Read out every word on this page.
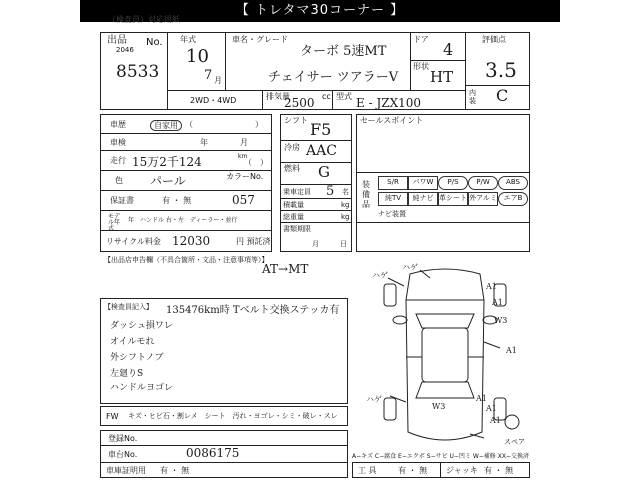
【 トレタマ30コーナー 】
（検査員）対応用紙
出品 No.
2046
8533
年式
10
7 月
車名・グレード
ターボ 5速MT
チェイサー ツアラーV
ドア
4
形状
HT
評価点
3.5
内装 C
2WD・4WD	排気量
2500 cc 型式 E - JZX100
車歴	自家用 （	）
車検	年	月
走行 15万2千124	km
（　）
色 パール	カラーNo.
保証書	有 ・ 無	057
モデル年式
年　ハンドル 右・左　ディーラー・並行
リサイクル料金 12030	円 預託済
シフト F5
冷房 AAC
燃料 G
乗車定員 5 名
積載量	kg
総重量	kg
書類期限
月	日
セールスポイント
装備品
S/R	パワW	P/S	P/W	ABS
純TV	純ナビ 革シート 外アルミ エアB
ナビ装置
【出品店申告欄（不具合箇所・文品・注意事項等）】
AT→MT
【検査員記入】 135476km時 Tベルト交換ステッカ有
ダッシュ損ワレ
オイルモれ
外シフトノブ
左廻りS
ハンドルヨゴレ
FW キズ・ヒビ石・割レメ　シート　汚れ・ヨゴレ・シミ・破レ・スレ
登録No.
車台No.	0086175
車庫証明用 有 ・ 無
A−キズ C−腐食 E−エクボ S−サビ U−凹ミ W−補修 XX−交換済
工 具	有 ・ 無 ジャッキ 有 ・ 無
ハゲ
ハゲ
A1
A1
W3
A1
ハゲ
W3
A1
A1
A1
スペア
